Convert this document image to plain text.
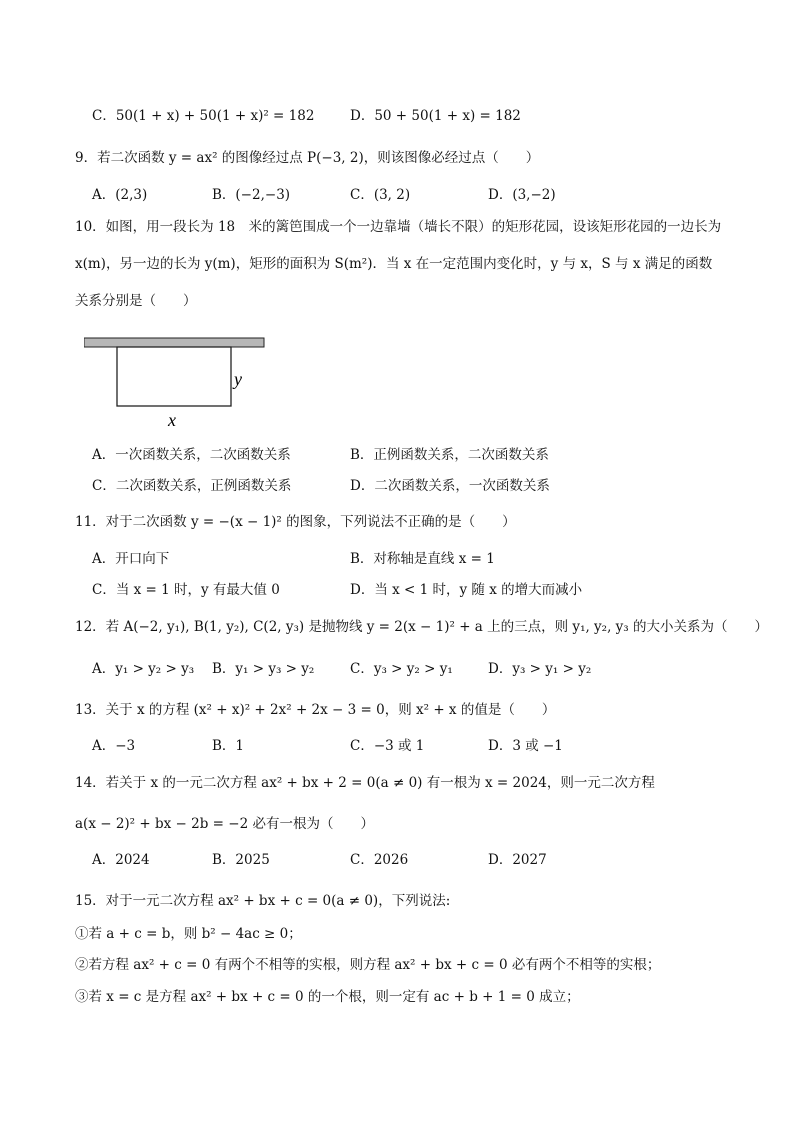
C．50(1 + x) + 50(1 + x)² = 182	D．50 + 50(1 + x) = 182
9．若二次函数 y = ax² 的图像经过点 P(−3, 2)，则该图像必经过点（　　）
A．(2,3)	B．(−2,−3)	C．(3, 2)	D．(3,−2)
10．如图，用一段长为 18　米的篱笆围成一个一边靠墙（墙长不限）的矩形花园，设该矩形花园的一边长为
x(m)，另一边的长为 y(m)，矩形的面积为 S(m²)．当 x 在一定范围内变化时，y 与 x，S 与 x 满足的函数
关系分别是（　　）
y
x
A．一次函数关系，二次函数关系	B．正例函数关系，二次函数关系
C．二次函数关系，正例函数关系	D．二次函数关系，一次函数关系
11．对于二次函数 y = −(x − 1)² 的图象，下列说法不正确的是（　　）
A．开口向下	B．对称轴是直线 x = 1
C．当 x = 1 时，y 有最大值 0	D．当 x < 1 时，y 随 x 的增大而减小
12．若 A(−2, y₁), B(1, y₂), C(2, y₃) 是抛物线 y = 2(x − 1)² + a 上的三点，则 y₁, y₂, y₃ 的大小关系为（　　）
A．y₁ > y₂ > y₃ B．y₁ > y₃ > y₂	C．y₃ > y₂ > y₁	D．y₃ > y₁ > y₂
13．关于 x 的方程 (x² + x)² + 2x² + 2x − 3 = 0，则 x² + x 的值是（　　）
A．−3	B．1	C．−3 或 1	D．3 或 −1
14．若关于 x 的一元二次方程 ax² + bx + 2 = 0(a ≠ 0) 有一根为 x = 2024，则一元二次方程
a(x − 2)² + bx − 2b = −2 必有一根为（　　）
A．2024	B．2025	C．2026	D．2027
15．对于一元二次方程 ax² + bx + c = 0(a ≠ 0)，下列说法:
①若 a + c = b，则 b² − 4ac ≥ 0；
②若方程 ax² + c = 0 有两个不相等的实根，则方程 ax² + bx + c = 0 必有两个不相等的实根；
③若 x = c 是方程 ax² + bx + c = 0 的一个根，则一定有 ac + b + 1 = 0 成立；
